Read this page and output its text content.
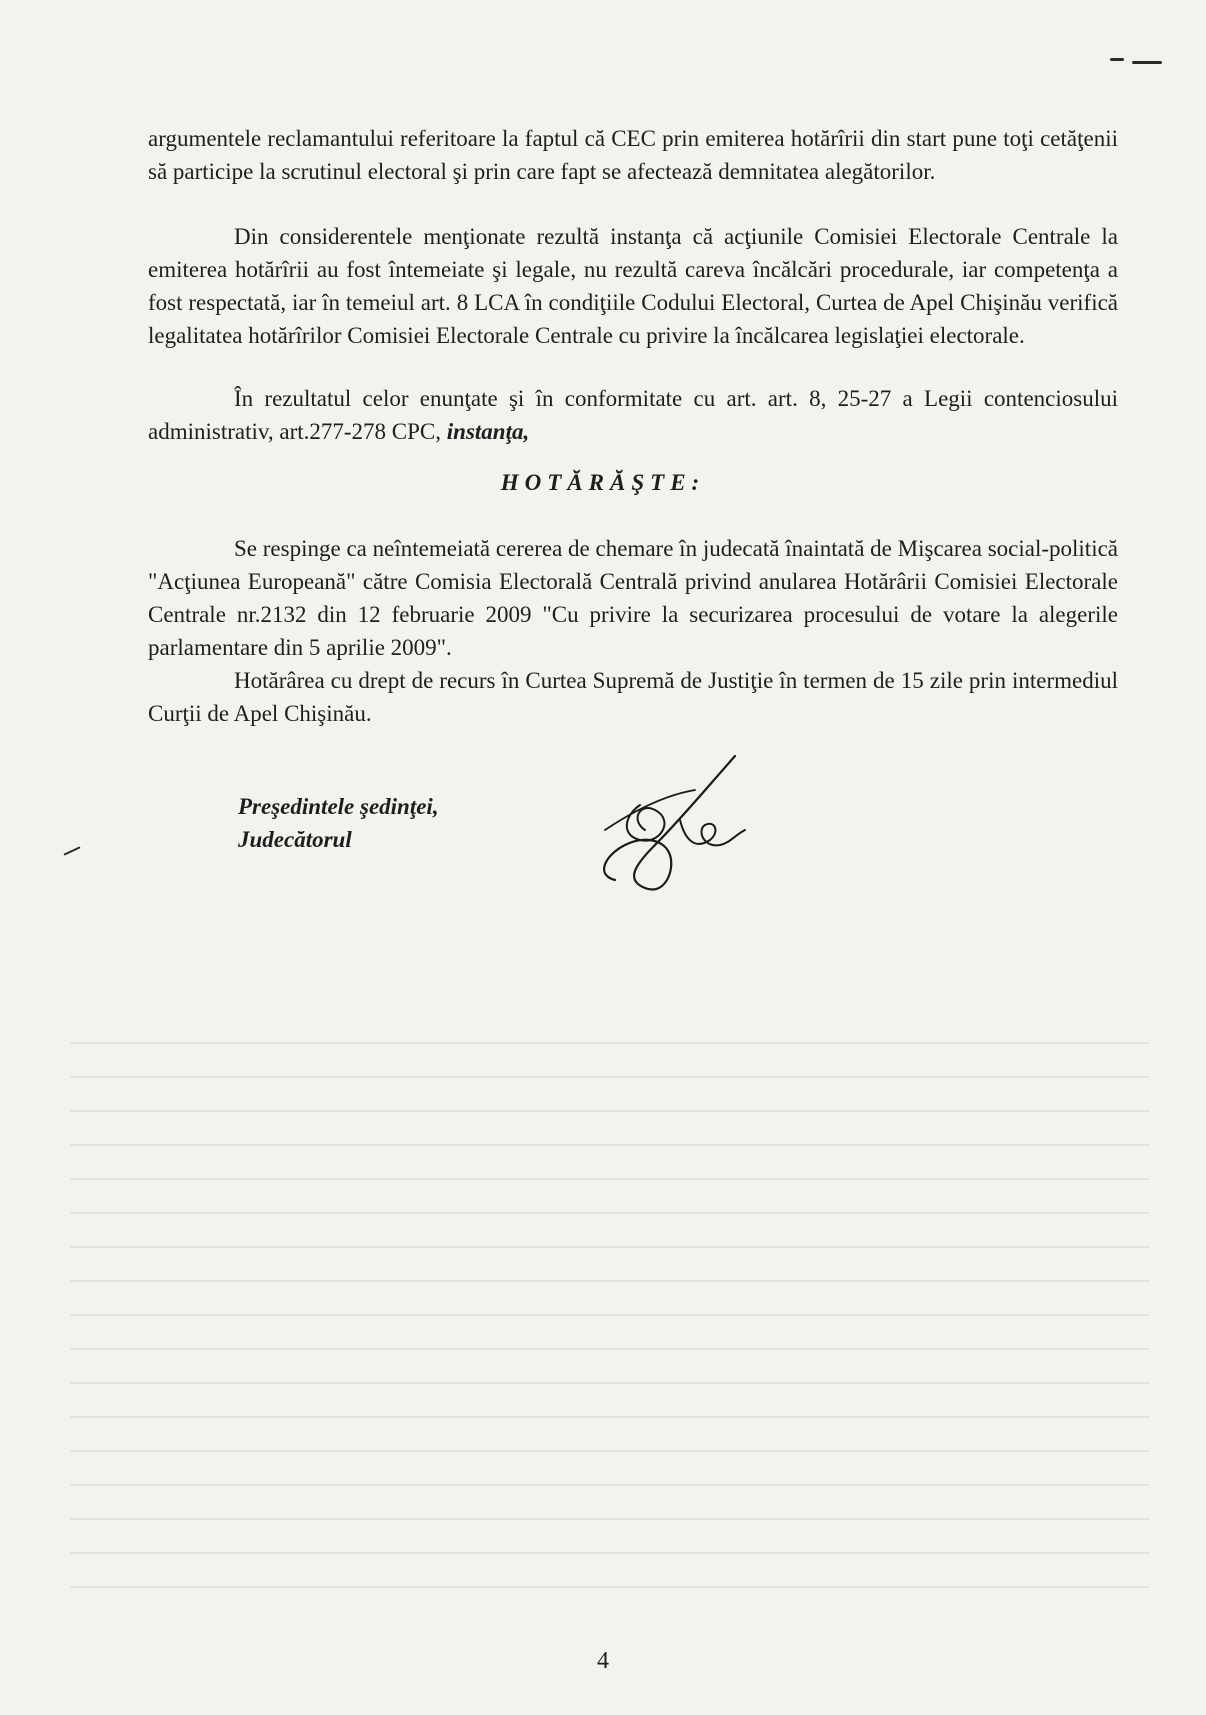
argumentele reclamantului referitoare la faptul că CEC prin emiterea hotărîrii din start pune toţi cetăţenii să participe la scrutinul electoral şi prin care fapt se afectează demnitatea alegătorilor.

Din considerentele menţionate rezultă instanţa că acţiunile Comisiei Electorale Centrale la emiterea hotărîrii au fost întemeiate şi legale, nu rezultă careva încălcări procedurale, iar competenţa a fost respectată, iar în temeiul art. 8 LCA în condiţiile Codului Electoral, Curtea de Apel Chişinău verifică legalitatea hotărîrilor Comisiei Electorale Centrale cu privire la încălcarea legislaţiei electorale.

În rezultatul celor enunţate şi în conformitate cu art. art. 8, 25-27 a Legii contenciosului administrativ, art.277-278 CPC, instanţa,

HOTĂRĂŞTE:

Se respinge ca neîntemeiată cererea de chemare în judecată înaintată de Mişcarea social-politică "Acţiunea Europeană" către Comisia Electorală Centrală privind anularea Hotărârii Comisiei Electorale Centrale nr.2132 din 12 februarie 2009 "Cu privire la securizarea procesului de votare la alegerile parlamentare din 5 aprilie 2009".

Hotărârea cu drept de recurs în Curtea Supremă de Justiţie în termen de 15 zile prin intermediul Curţii de Apel Chişinău.

Preşedintele şedinţei,
Judecătorul
4
